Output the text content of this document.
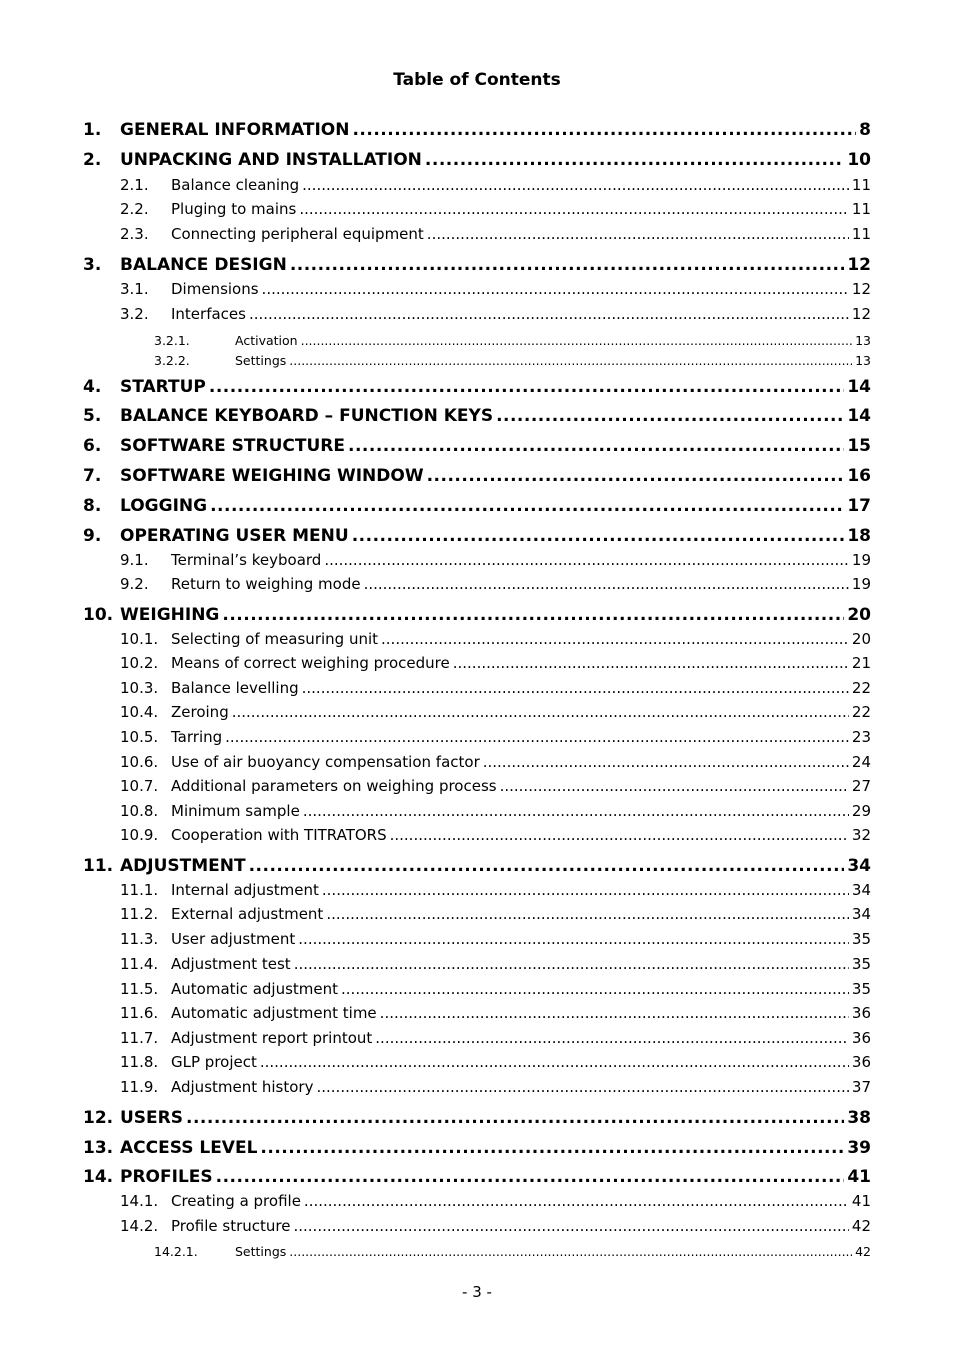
Table of Contents
1.	GENERAL INFORMATION .....	8
2.	UNPACKING AND INSTALLATION .....	10
2.1.	Balance cleaning .....	11
2.2.	Pluging to mains .....	11
2.3.	Connecting peripheral equipment .....	11
3.	BALANCE DESIGN .....	12
3.1.	Dimensions .....	12
3.2.	Interfaces .....	12
3.2.1.	Activation .....	13
3.2.2.	Settings .....	13
4.	STARTUP .....	14
5.	BALANCE KEYBOARD – FUNCTION KEYS .....	14
6.	SOFTWARE STRUCTURE .....	15
7.	SOFTWARE WEIGHING WINDOW .....	16
8.	LOGGING .....	17
9.	OPERATING USER MENU .....	18
9.1.	Terminal’s keyboard .....	19
9.2.	Return to weighing mode .....	19
10. WEIGHING .....	20
10.1. Selecting of measuring unit .....	20
10.2. Means of correct weighing procedure .....	21
10.3. Balance levelling .....	22
10.4. Zeroing .....	22
10.5. Tarring .....	23
10.6. Use of air buoyancy compensation factor .....	24
10.7. Additional parameters on weighing process .....	27
10.8. Minimum sample .....	29
10.9. Cooperation with TITRATORS .....	32
11. ADJUSTMENT .....	34
11.1. Internal adjustment .....	34
11.2. External adjustment .....	34
11.3. User adjustment .....	35
11.4. Adjustment test .....	35
11.5. Automatic adjustment .....	35
11.6. Automatic adjustment time .....	36
11.7. Adjustment report printout .....	36
11.8. GLP project .....	36
11.9. Adjustment history .....	37
12. USERS .....	38
13. ACCESS LEVEL .....	39
14. PROFILES .....	41
14.1. Creating a profile .....	41
14.2. Profile structure .....	42
14.2.1.	Settings .....	42
- 3 -
